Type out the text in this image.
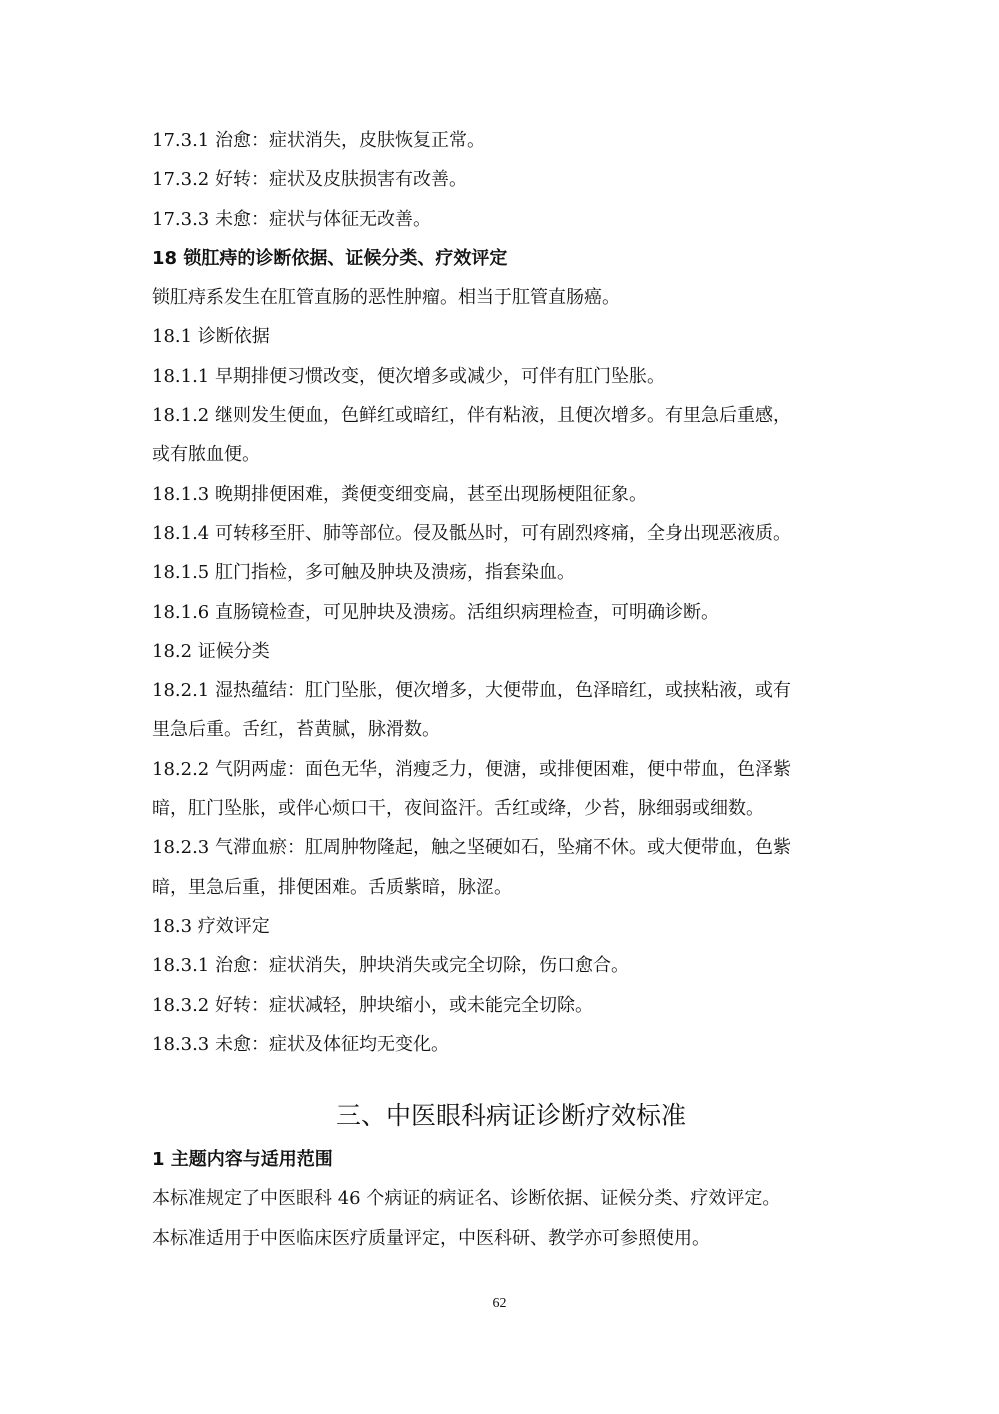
17.3.1 治愈：症状消失，皮肤恢复正常。
17.3.2 好转：症状及皮肤损害有改善。
17.3.3 未愈：症状与体征无改善。
18 锁肛痔的诊断依据、证候分类、疗效评定
锁肛痔系发生在肛管直肠的恶性肿瘤。相当于肛管直肠癌。
18.1 诊断依据
18.1.1 早期排便习惯改变，便次增多或减少，可伴有肛门坠胀。
18.1.2 继则发生便血，色鲜红或暗红，伴有粘液，且便次增多。有里急后重感，
或有脓血便。
18.1.3 晚期排便困难，粪便变细变扁，甚至出现肠梗阻征象。
18.1.4 可转移至肝、肺等部位。侵及骶丛时，可有剧烈疼痛，全身出现恶液质。
18.1.5 肛门指检，多可触及肿块及溃疡，指套染血。
18.1.6 直肠镜检查，可见肿块及溃疡。活组织病理检查，可明确诊断。
18.2 证候分类
18.2.1 湿热蕴结：肛门坠胀，便次增多，大便带血，色泽暗红，或挟粘液，或有
里急后重。舌红，苔黄腻，脉滑数。
18.2.2 气阴两虚：面色无华，消瘦乏力，便溏，或排便困难，便中带血，色泽紫
暗，肛门坠胀，或伴心烦口干，夜间盗汗。舌红或绛，少苔，脉细弱或细数。
18.2.3 气滞血瘀：肛周肿物隆起，触之坚硬如石，坠痛不休。或大便带血，色紫
暗，里急后重，排便困难。舌质紫暗，脉涩。
18.3 疗效评定
18.3.1 治愈：症状消失，肿块消失或完全切除，伤口愈合。
18.3.2 好转：症状减轻，肿块缩小，或未能完全切除。
18.3.3 未愈：症状及体征均无变化。
三、中医眼科病证诊断疗效标准
1 主题内容与适用范围
本标准规定了中医眼科 46 个病证的病证名、诊断依据、证候分类、疗效评定。
本标准适用于中医临床医疗质量评定，中医科研、教学亦可参照使用。
62
